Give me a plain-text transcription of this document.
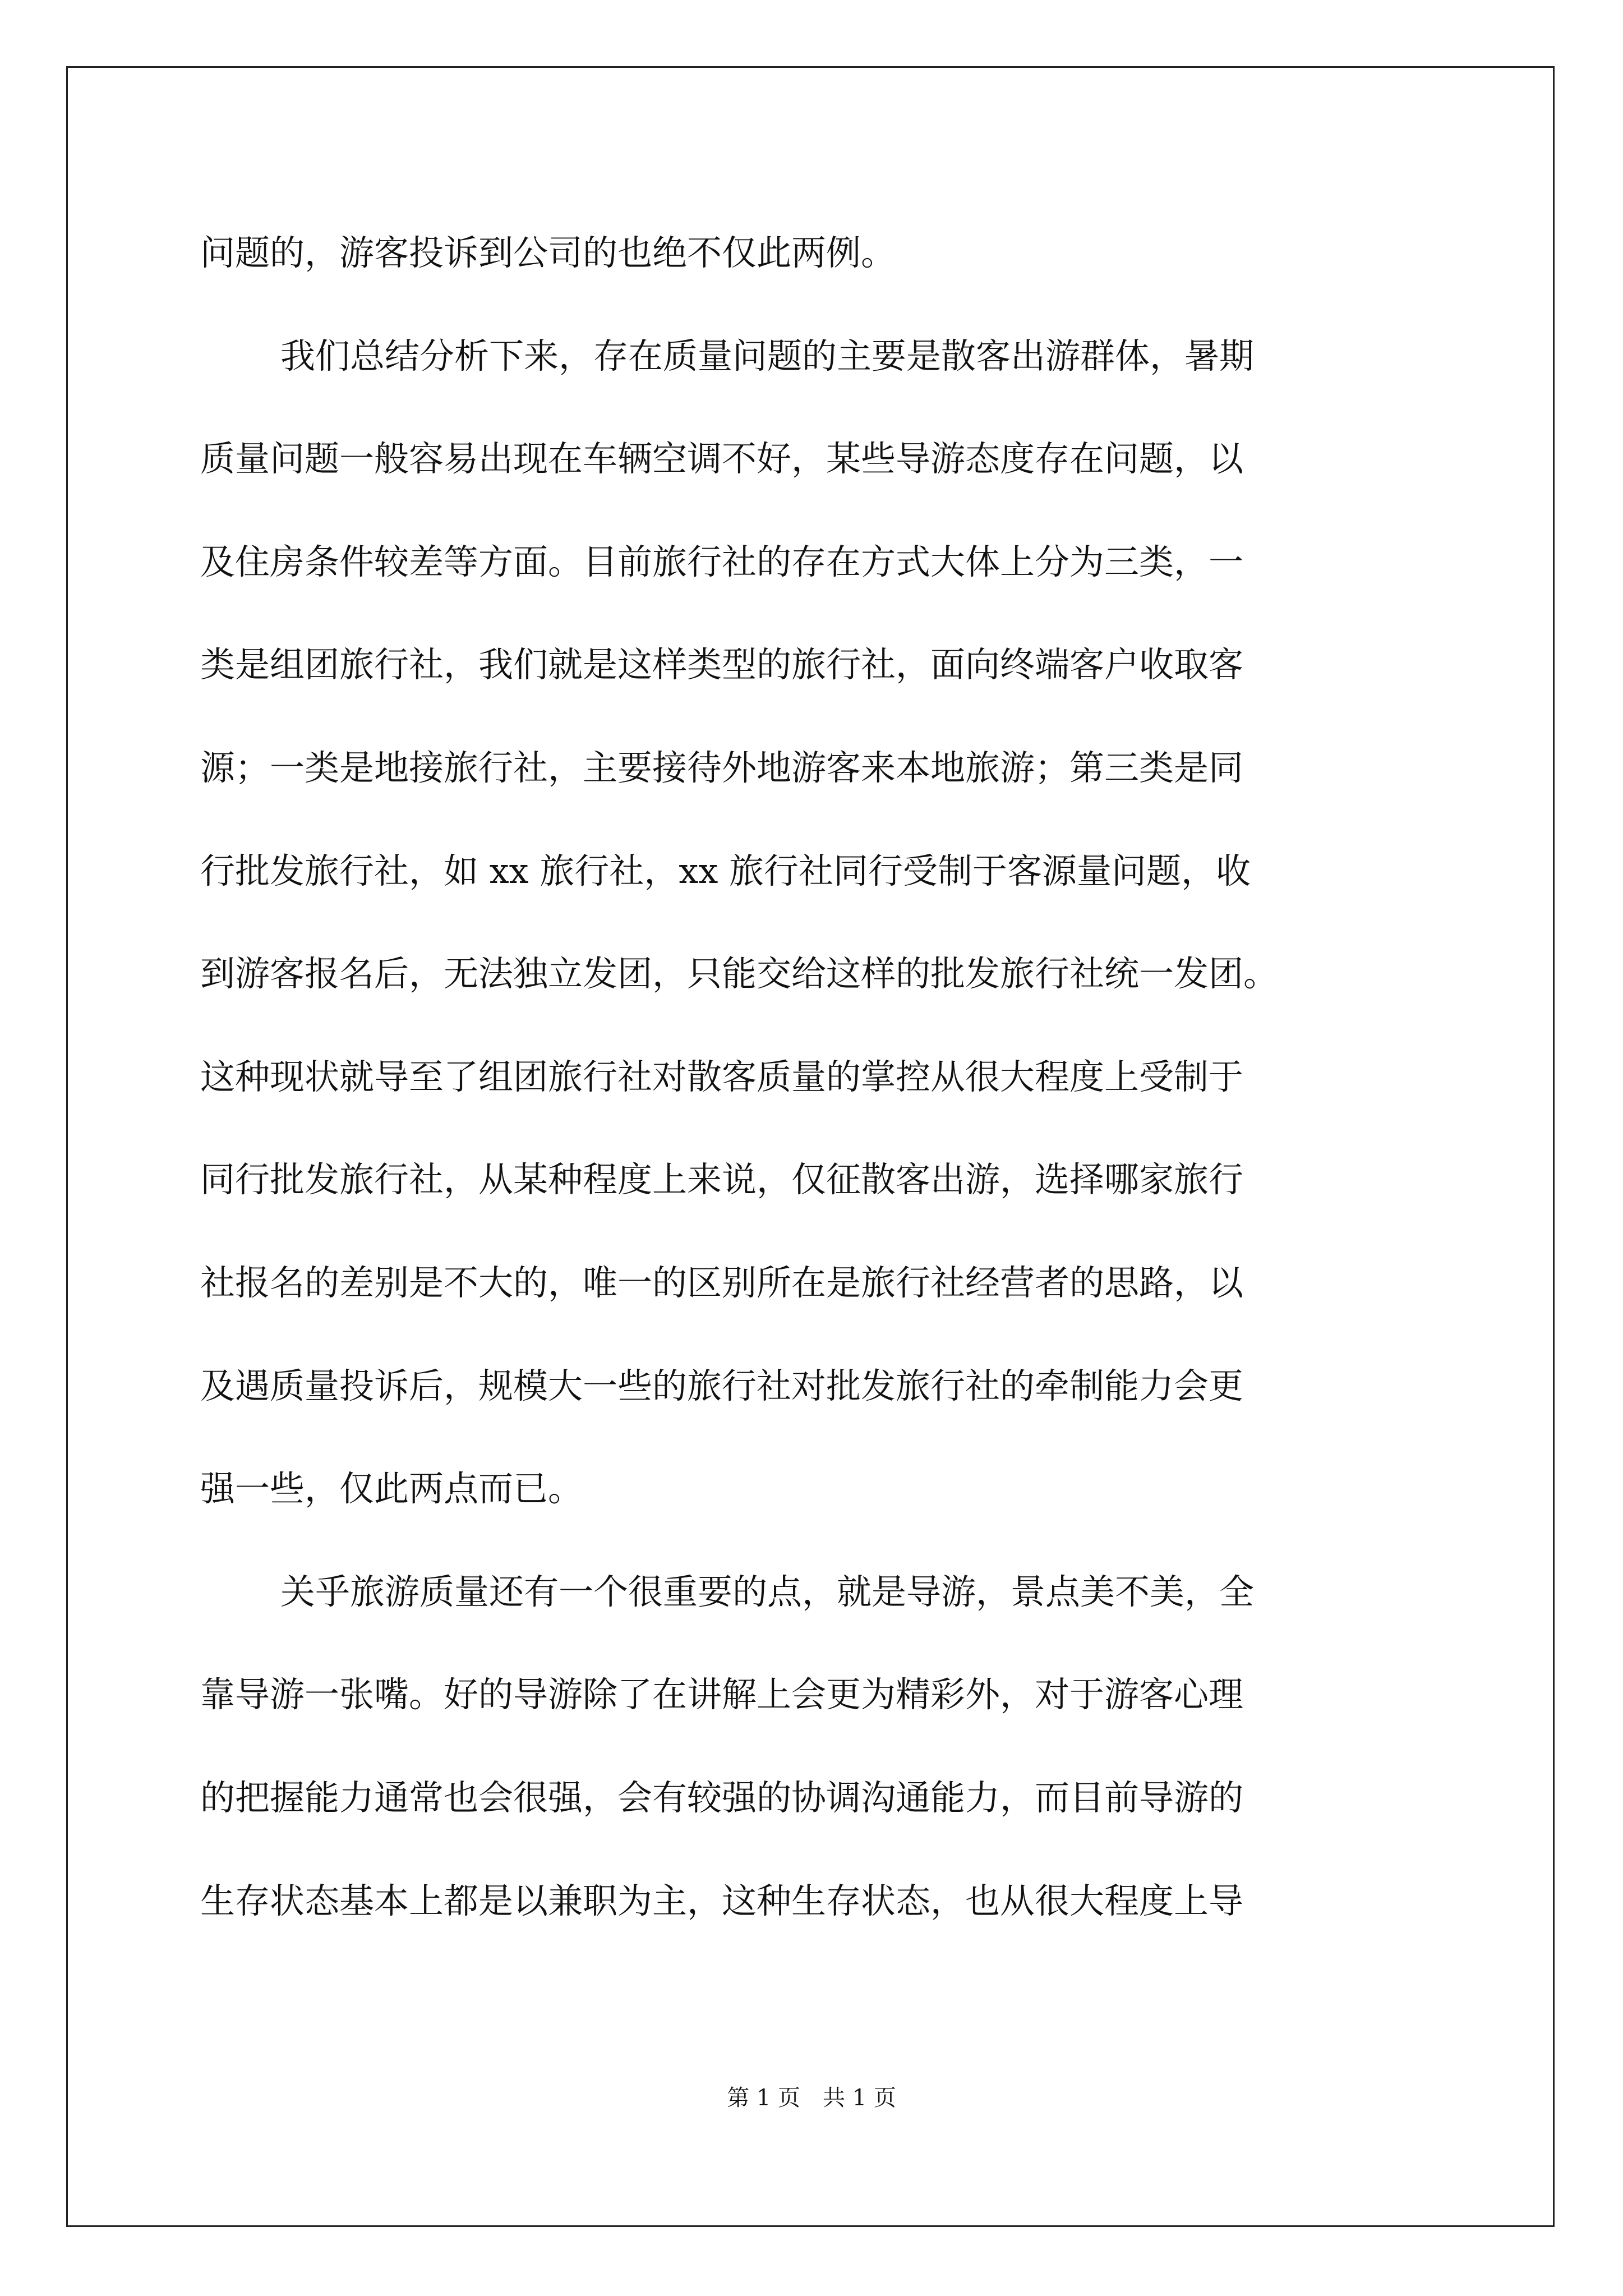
问题的，游客投诉到公司的也绝不仅此两例。
我们总结分析下来，存在质量问题的主要是散客出游群体，暑期
质量问题一般容易出现在车辆空调不好，某些导游态度存在问题，以
及住房条件较差等方面。目前旅行社的存在方式大体上分为三类，一
类是组团旅行社，我们就是这样类型的旅行社，面向终端客户收取客
源；一类是地接旅行社，主要接待外地游客来本地旅游；第三类是同
行批发旅行社，如 xx 旅行社，xx 旅行社同行受制于客源量问题，收
到游客报名后，无法独立发团，只能交给这样的批发旅行社统一发团。
这种现状就导至了组团旅行社对散客质量的掌控从很大程度上受制于
同行批发旅行社，从某种程度上来说，仅征散客出游，选择哪家旅行
社报名的差别是不大的，唯一的区别所在是旅行社经营者的思路，以
及遇质量投诉后，规模大一些的旅行社对批发旅行社的牵制能力会更
强一些，仅此两点而已。
关乎旅游质量还有一个很重要的点，就是导游，景点美不美，全
靠导游一张嘴。好的导游除了在讲解上会更为精彩外，对于游客心理
的把握能力通常也会很强，会有较强的协调沟通能力，而目前导游的
生存状态基本上都是以兼职为主，这种生存状态，也从很大程度上导
第 1 页　共 1 页
